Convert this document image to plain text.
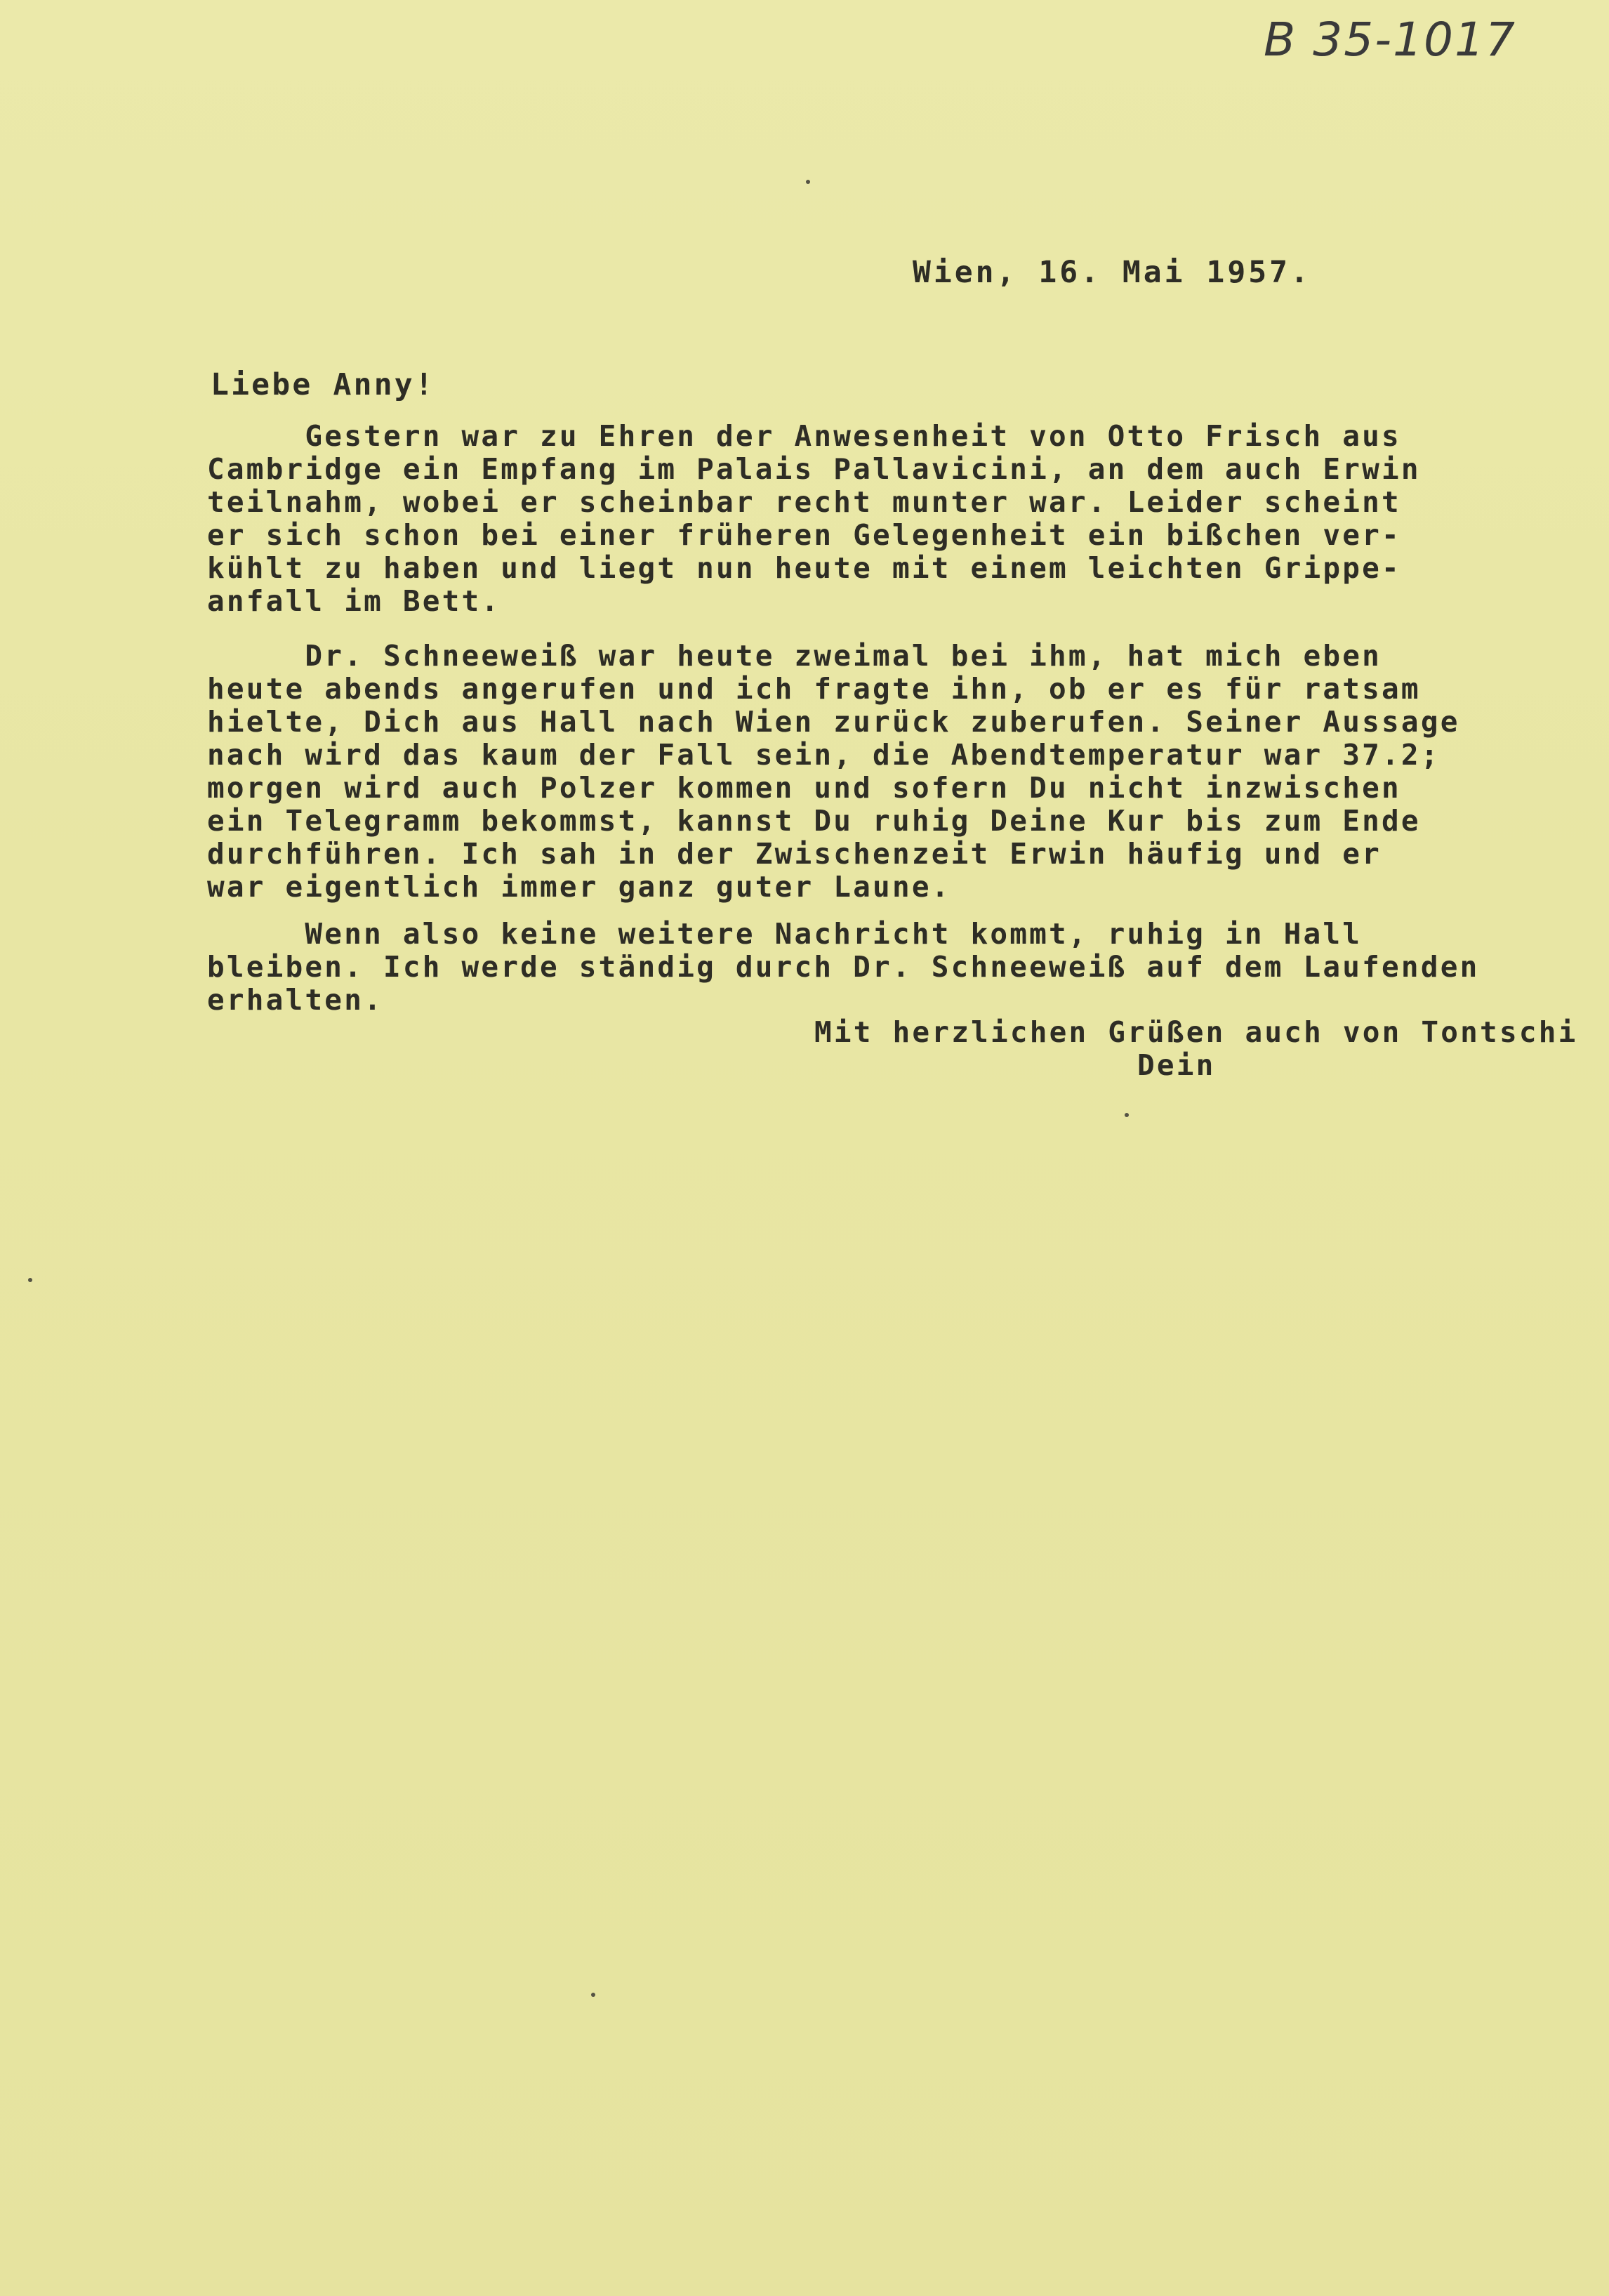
B 35-1017
Wien, 16. Mai 1957.
Liebe Anny!
Gestern war zu Ehren der Anwesenheit von Otto Frisch aus
Cambridge ein Empfang im Palais Pallavicini, an dem auch Erwin
teilnahm, wobei er scheinbar recht munter war. Leider scheint
er sich schon bei einer früheren Gelegenheit ein bißchen ver-
kühlt zu haben und liegt nun heute mit einem leichten Grippe-
anfall im Bett.
Dr. Schneeweiß war heute zweimal bei ihm, hat mich eben
heute abends angerufen und ich fragte ihn, ob er es für ratsam
hielte, Dich aus Hall nach Wien zurück zuberufen. Seiner Aussage
nach wird das kaum der Fall sein, die Abendtemperatur war 37.2;
morgen wird auch Polzer kommen und sofern Du nicht inzwischen
ein Telegramm bekommst, kannst Du ruhig Deine Kur bis zum Ende
durchführen. Ich sah in der Zwischenzeit Erwin häufig und er
war eigentlich immer ganz guter Laune.
Wenn also keine weitere Nachricht kommt, ruhig in Hall
bleiben. Ich werde ständig durch Dr. Schneeweiß auf dem Laufenden
erhalten.
Mit herzlichen Grüßen auch von Tontschi
Dein
